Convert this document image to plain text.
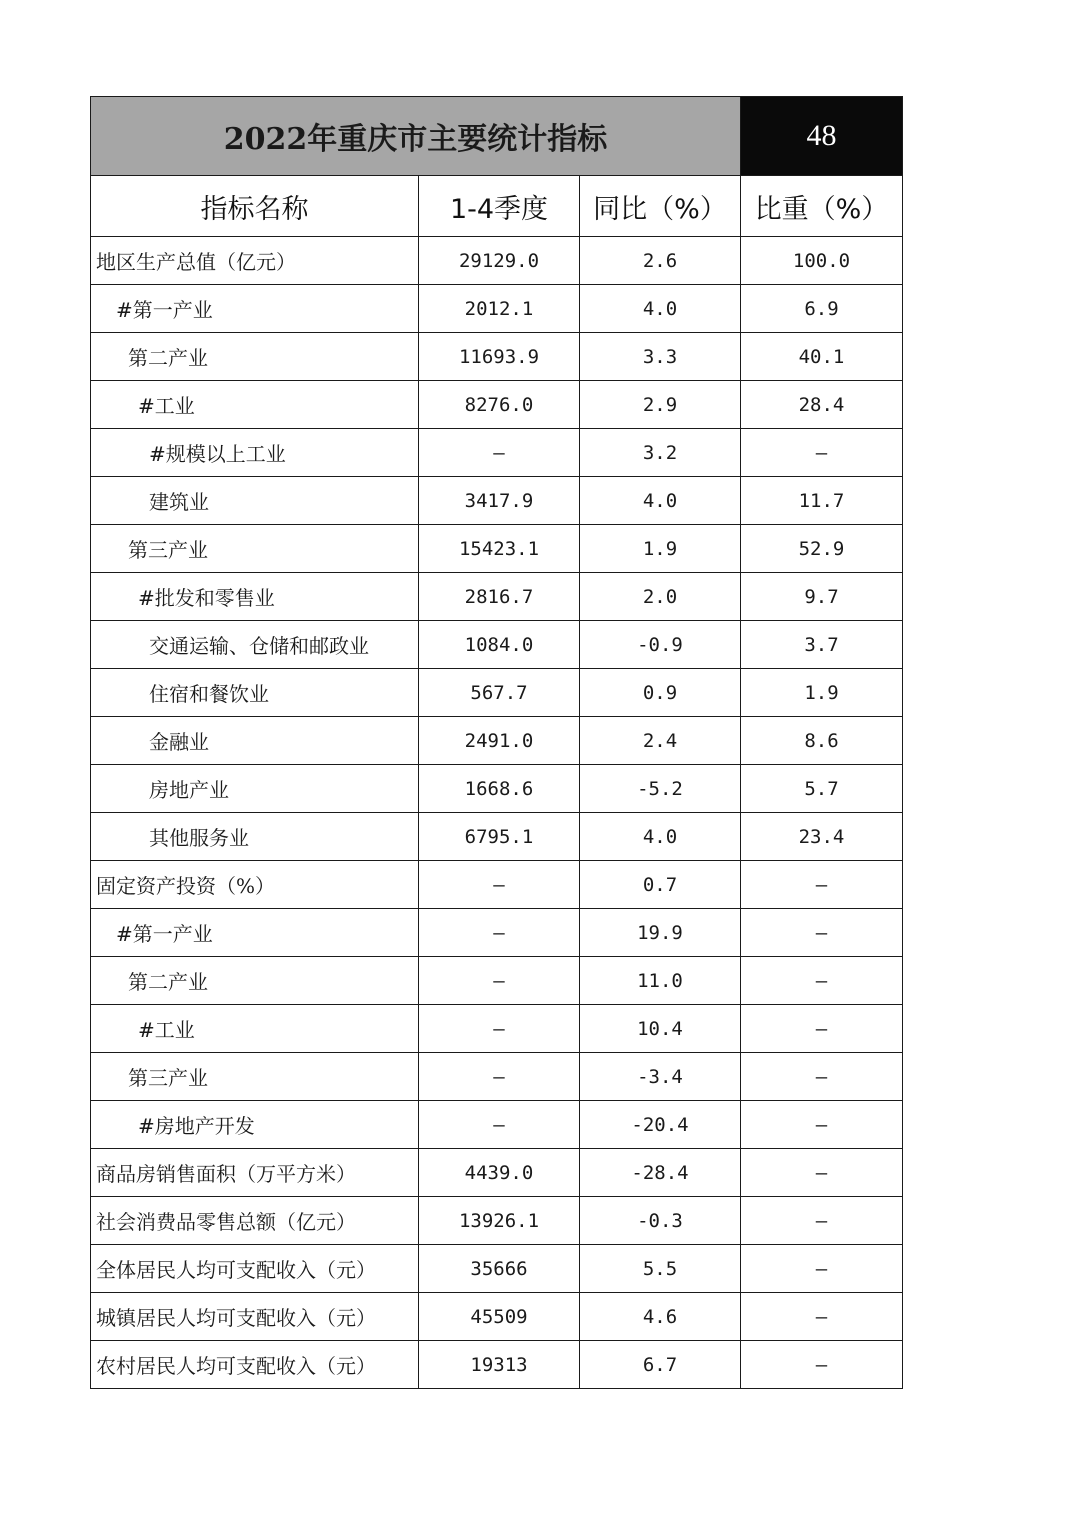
2022年重庆市主要统计指标			48
指标名称	1-4季度	同比（%）	比重（%）
地区生产总值（亿元）	29129.0	2.6	100.0
#第一产业	2012.1	4.0	6.9
第二产业	11693.9	3.3	40.1
#工业	8276.0	2.9	28.4
#规模以上工业	—	3.2	—
建筑业	3417.9	4.0	11.7
第三产业	15423.1	1.9	52.9
#批发和零售业	2816.7	2.0	9.7
交通运输、仓储和邮政业	1084.0	-0.9	3.7
住宿和餐饮业	567.7	0.9	1.9
金融业	2491.0	2.4	8.6
房地产业	1668.6	-5.2	5.7
其他服务业	6795.1	4.0	23.4
固定资产投资（%）	—	0.7	—
#第一产业	—	19.9	—
第二产业	—	11.0	—
#工业	—	10.4	—
第三产业	—	-3.4	—
#房地产开发	—	-20.4	—
商品房销售面积（万平方米）	4439.0	-28.4	—
社会消费品零售总额（亿元）	13926.1	-0.3	—
全体居民人均可支配收入（元）	35666	5.5	—
城镇居民人均可支配收入（元）	45509	4.6	—
农村居民人均可支配收入（元）	19313	6.7	—
